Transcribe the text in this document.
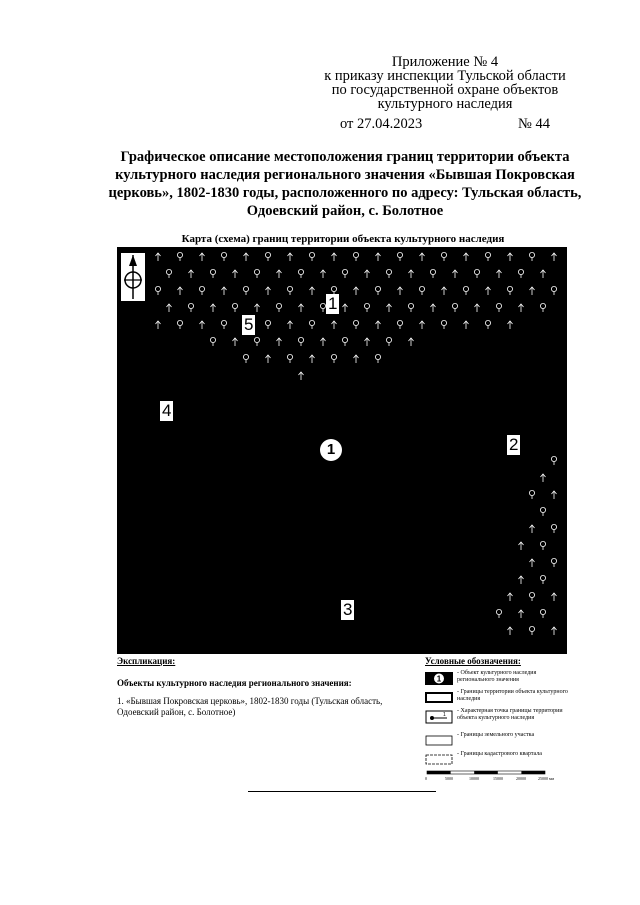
Приложение № 4
к приказу инспекции Тульской области
по государственной охране объектов
культурного наследия
от 27.04.2023	№ 44
Графическое описание местоположения границ территории объекта
культурного наследия регионального значения «Бывшая Покровская
церковь», 1802-1830 годы, расположенного по адресу: Тульская область,
Одоевский район, с. Болотное
Карта (схема) границ территории объекта культурного наследия
1
5
4
2
3
1
Экспликация:
Объекты культурного наследия регионального значения:
1. «Бывшая Покровская церковь», 1802-1830 годы (Тульская область, Одоевский район, с. Болотное)
Условные обозначения:
1
- Объект культурного наследия регионального значения
- Границы территории объекта культурного наследия
1
- Характерная точка границы территории объекта культурного наследия
- Границы земельного участка
- Границы кадастрового квартала
0	5000	10000	15000	20000	25000 мм
